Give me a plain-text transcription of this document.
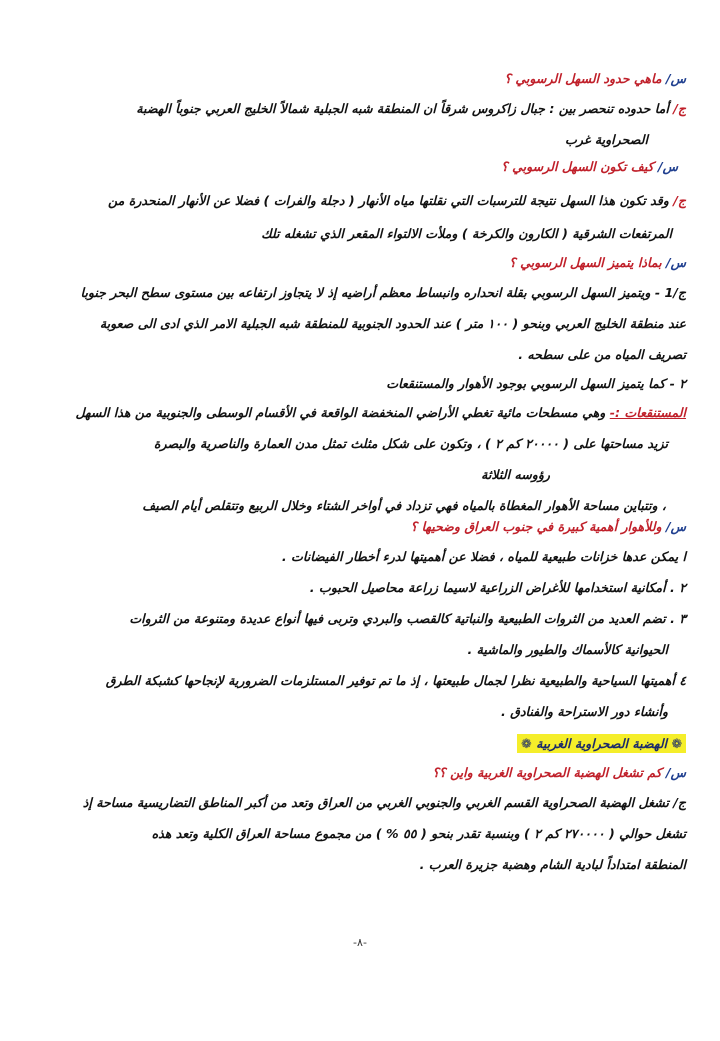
س/ ماهي حدود السهل الرسوبي ؟
ج/ أما حدوده تنحصر بين : جبال زاكروس شرقاً ان المنطقة شبه الجبلية شمالاً الخليج العربي جنوباً الهضبة
الصحراوية غرب
س/ كيف تكون السهل الرسوبي ؟
ج/ وقد تكون هذا السهل نتيجة للترسبات التي نقلتها مياه الأنهار ( دجلة والفرات ) فضلا عن الأنهار المنحدرة من
المرتفعات الشرقية ( الكارون والكرخة ) وملأت الالتواء المقعر الذي تشغله تلك
س/ بماذا يتميز السهل الرسوبي ؟
ج/1 - ويتميز السهل الرسوبي بقلة انحداره وانبساط معظم أراضيه إذ لا يتجاوز ارتفاعه بين مستوى سطح البحر جنوبا
عند منطقة الخليج العربي وبنحو ( ١٠٠ متر ) عند الحدود الجنوبية للمنطقة شبه الجبلية الامر الذي ادى الى صعوبة
تصريف المياه من على سطحه .
٢ - كما يتميز السهل الرسوبي بوجود الأهوار والمستنقعات
المستنقعات :- وهي مسطحات مائية تغطي الأراضي المنخفضة الواقعة في الأقسام الوسطى والجنوبية من هذا السهل
تزيد مساحتها على ( ٢٠٠٠٠ كم ٢ ) ، وتكون على شكل مثلث تمثل مدن العمارة والناصرية والبصرة
رؤوسه الثلاثة
، وتتباين مساحة الأهوار المغطاة بالمياه فهي تزداد في أواخر الشتاء وخلال الربيع وتتقلص أيام الصيف
س/ وللأهوار أهمية كبيرة في جنوب العراق وضحيها ؟
ا يمكن عدها خزانات طبيعية للمياه ، فضلا عن أهميتها لدرء أخطار الفيضانات .
٢ . أمكانية استخدامها للأغراض الزراعية لاسيما زراعة محاصيل الحبوب .
٣ . تضم العديد من الثروات الطبيعية والنباتية كالقصب والبردي وتربى فيها أنواع عديدة ومتنوعة من الثروات
الحيوانية كالأسماك والطيور والماشية .
٤ أهميتها السياحية والطبيعية نظرا لجمال طبيعتها ، إذ ما تم توفير المستلزمات الضرورية لإنجاحها كشبكة الطرق
وأنشاء دور الاستراحة والفنادق .
❁ الهضبة الصحراوية الغربية ❁
س/ كم تشغل الهضبة الصحراوية الغربية واين ؟؟
ج/ تشغل الهضبة الصحراوية القسم الغربي والجنوبي الغربي من العراق وتعد من أكبر المناطق التضاريسية مساحة إذ
تشغل حوالي ( ٢٧٠٠٠٠ كم ٢ ) وبنسبة تقدر بنحو ( ٥٥ % ) من مجموع مساحة العراق الكلية وتعد هذه
المنطقة امتداداً لبادية الشام وهضبة جزيرة العرب .
-٨-
